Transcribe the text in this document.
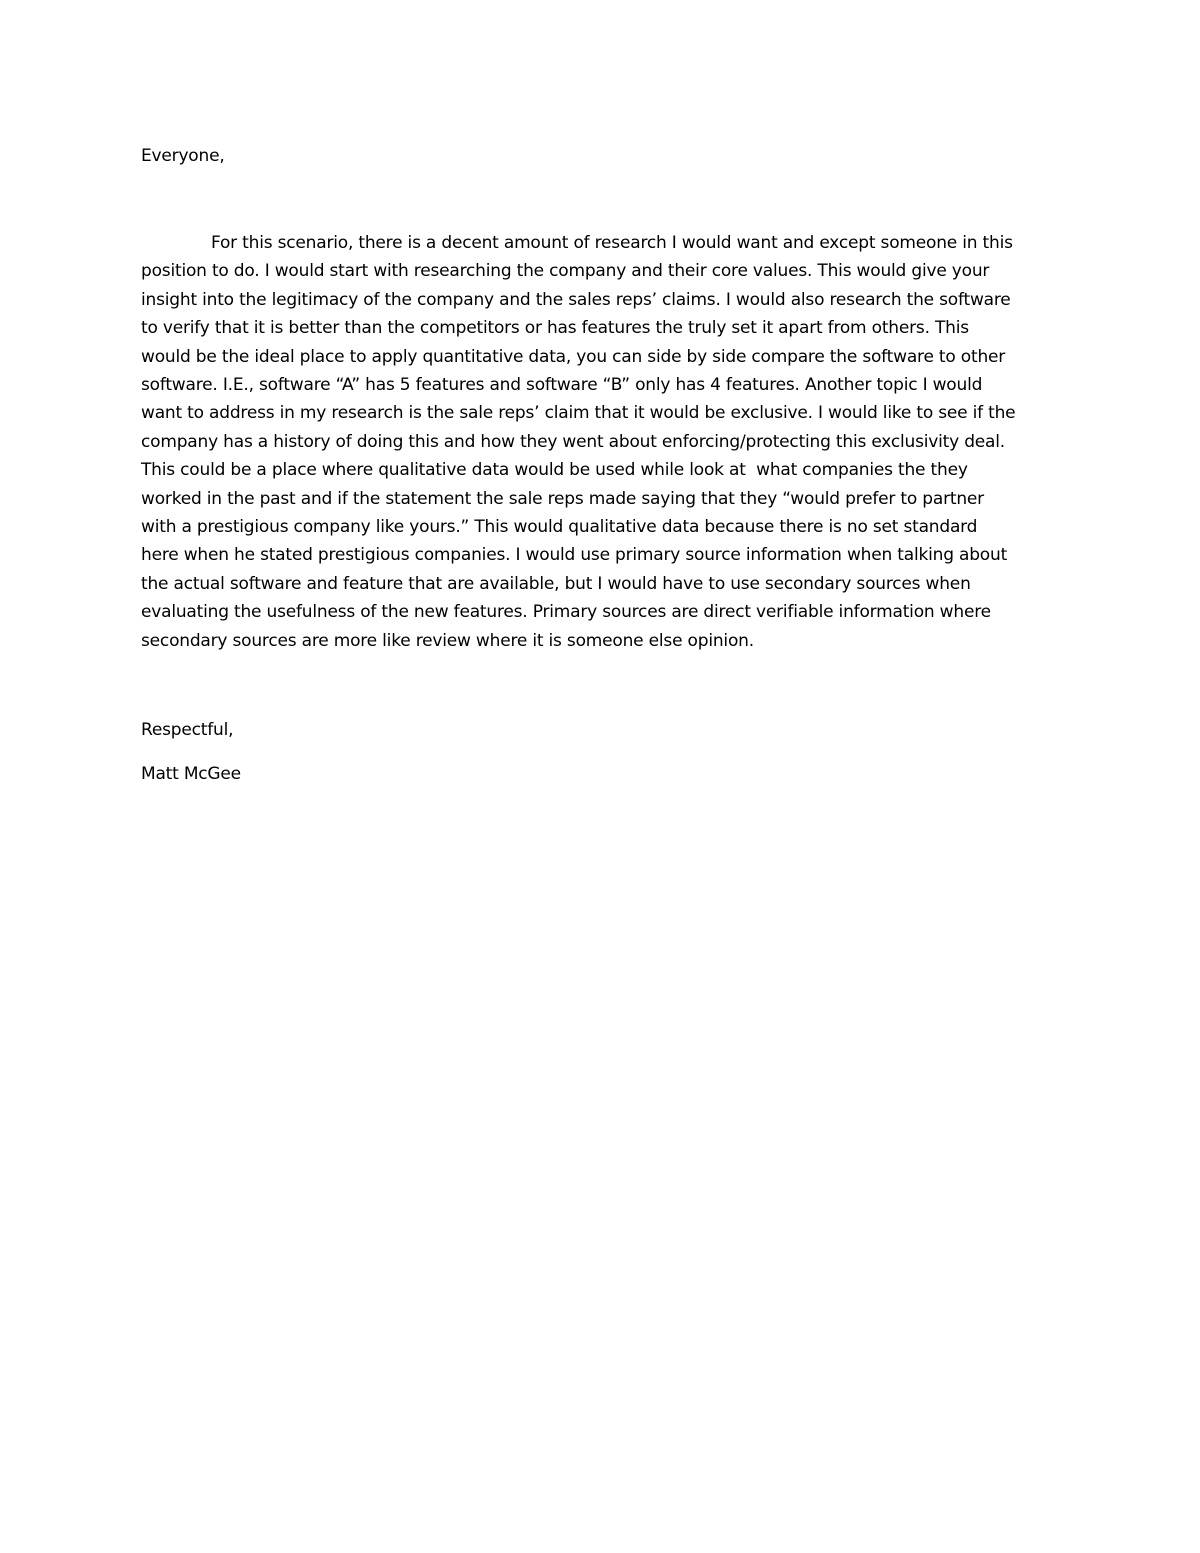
Everyone,
For this scenario, there is a decent amount of research I would want and except someone in this
position to do. I would start with researching the company and their core values. This would give your
insight into the legitimacy of the company and the sales reps’ claims. I would also research the software
to verify that it is better than the competitors or has features the truly set it apart from others. This
would be the ideal place to apply quantitative data, you can side by side compare the software to other
software. I.E., software “A” has 5 features and software “B” only has 4 features. Another topic I would
want to address in my research is the sale reps’ claim that it would be exclusive. I would like to see if the
company has a history of doing this and how they went about enforcing/protecting this exclusivity deal.
This could be a place where qualitative data would be used while look at  what companies the they
worked in the past and if the statement the sale reps made saying that they “would prefer to partner
with a prestigious company like yours.” This would qualitative data because there is no set standard
here when he stated prestigious companies. I would use primary source information when talking about
the actual software and feature that are available, but I would have to use secondary sources when
evaluating the usefulness of the new features. Primary sources are direct verifiable information where
secondary sources are more like review where it is someone else opinion.
Respectful,
Matt McGee
